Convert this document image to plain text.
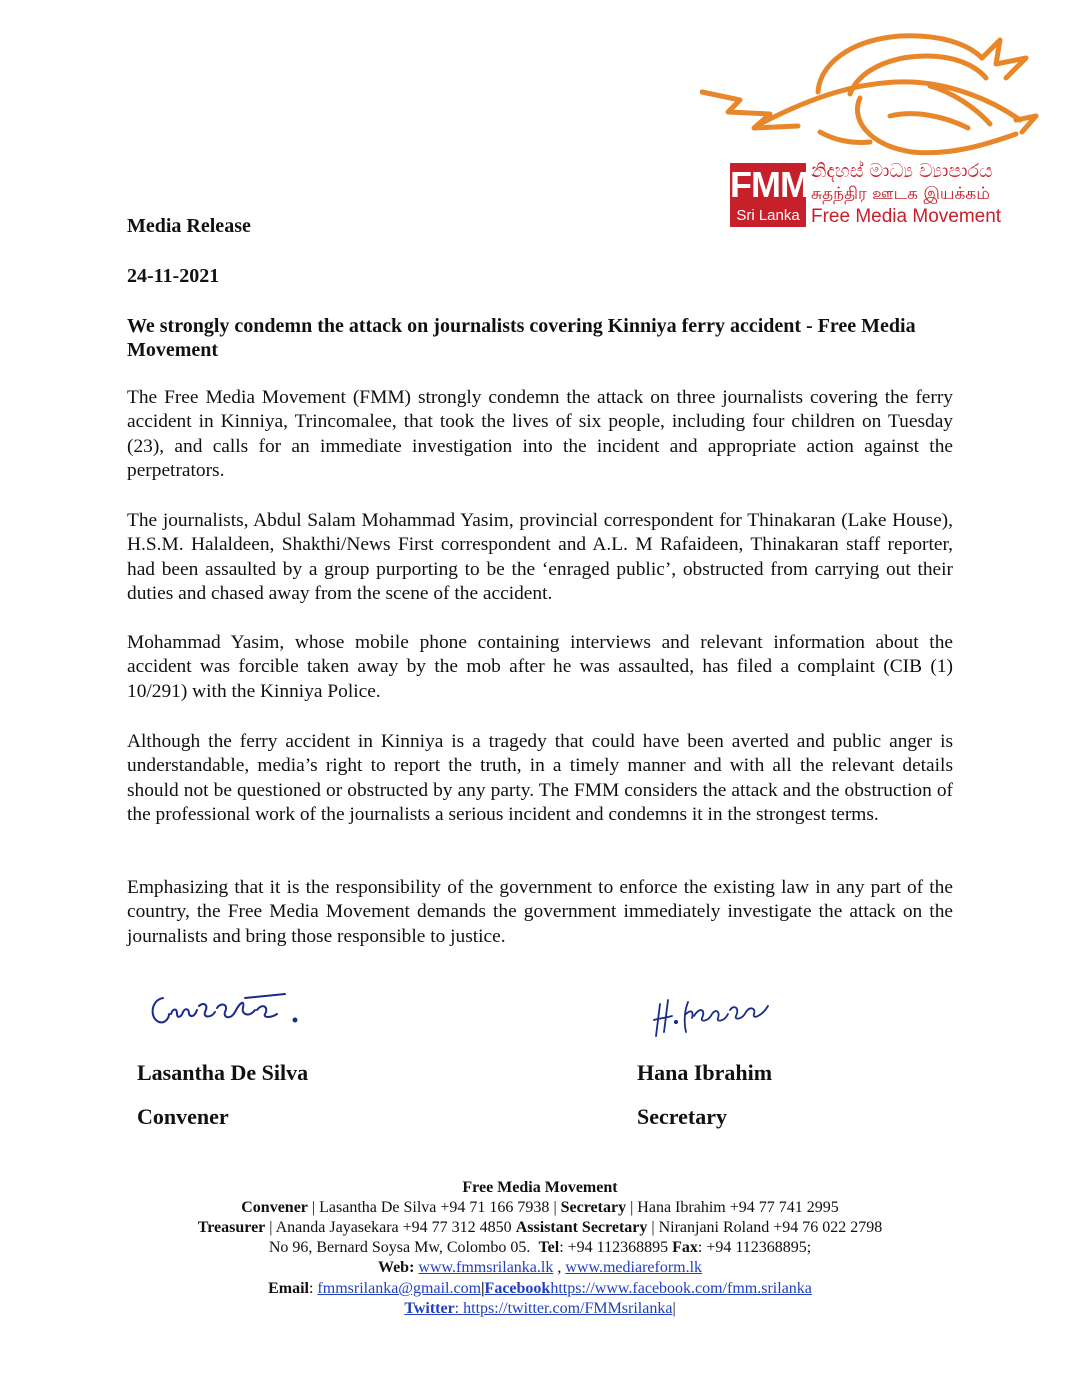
FMM
Sri Lanka
නිදහස් මාධ්‍ය ව්‍යාපාරය
சுதந்திர ஊடக இயக்கம்
Free Media Movement
Media Release
24-11-2021
We strongly condemn the attack on journalists covering Kinniya ferry accident - Free Media Movement

The Free Media Movement (FMM) strongly condemn the attack on three journalists covering the ferry accident in Kinniya, Trincomalee, that took the lives of six people, including four children on Tuesday (23), and calls for an immediate investigation into the incident and appropriate action against the perpetrators.

The journalists, Abdul Salam Mohammad Yasim, provincial correspondent for Thinakaran (Lake House), H.S.M. Halaldeen, Shakthi/News First correspondent and A.L. M Rafaideen, Thinakaran staff reporter, had been assaulted by a group purporting to be the ‘enraged public’, obstructed from carrying out their duties and chased away from the scene of the accident.

Mohammad Yasim, whose mobile phone containing interviews and relevant information about the accident was forcible taken away by the mob after he was assaulted, has filed a complaint (CIB (1) 10/291) with the Kinniya Police.

Although the ferry accident in Kinniya is a tragedy that could have been averted and public anger is understandable, media’s right to report the truth, in a timely manner and with all the relevant details should not be questioned or obstructed by any party. The FMM considers the attack and the obstruction of the professional work of the journalists a serious incident and condemns it in the strongest terms.

Emphasizing that it is the responsibility of the government to enforce the existing law in any part of the country, the Free Media Movement demands the government immediately investigate the attack on the journalists and bring those responsible to justice.

Lasantha De Silva
Convener
Hana Ibrahim
Secretary
Free Media Movement
Convener | Lasantha De Silva +94 71 166 7938 | Secretary | Hana Ibrahim +94 77 741 2995
Treasurer | Ananda Jayasekara +94 77 312 4850 Assistant Secretary | Niranjani Roland +94 76 022 2798
No 96, Bernard Soysa Mw, Colombo 05. Tel: +94 112368895 Fax: +94 112368895;
Web: www.fmmsrilanka.lk , www.mediareform.lk
Email: fmmsrilanka@gmail.com|Facebookhttps://www.facebook.com/fmm.srilanka
Twitter: https://twitter.com/FMMsrilanka|
